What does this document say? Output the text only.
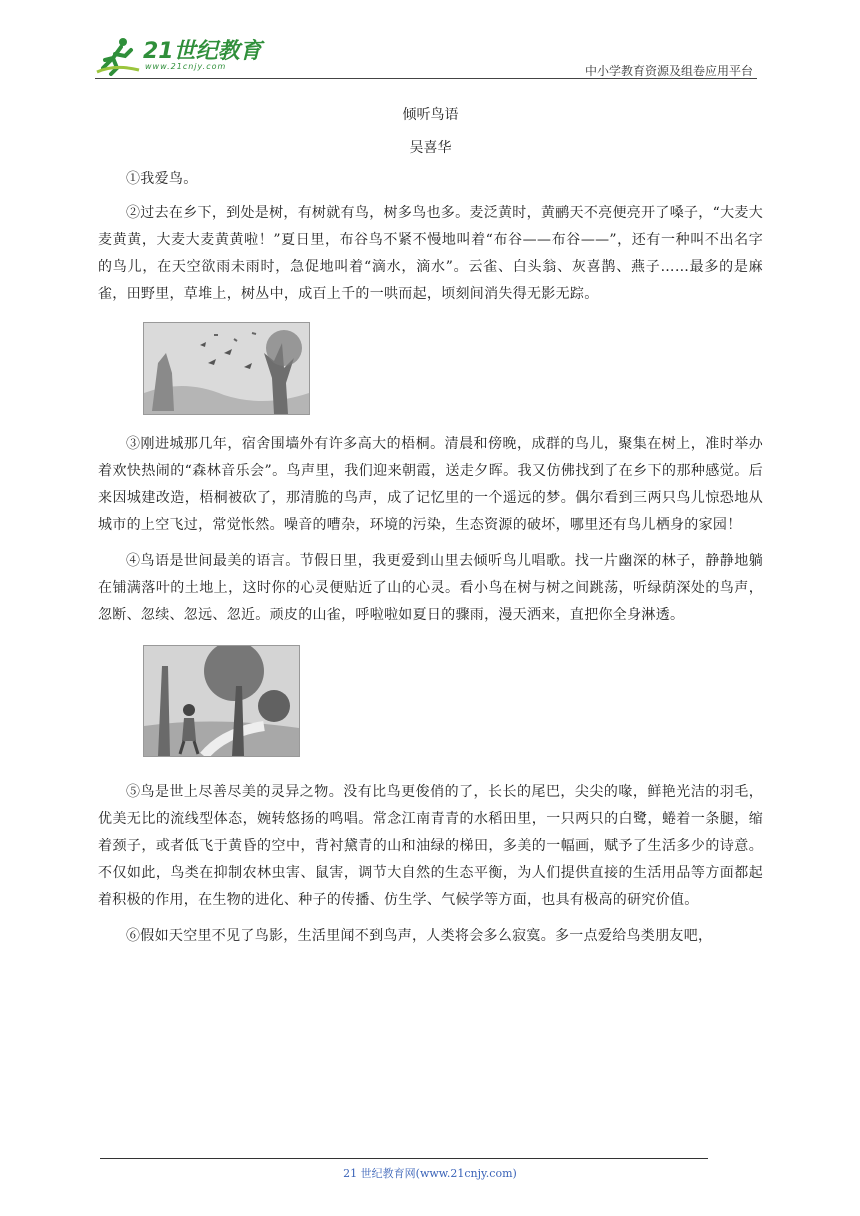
21世纪教育
www.21cnjy.com	中小学教育资源及组卷应用平台

倾听鸟语

吴喜华

①我爱鸟。

②过去在乡下，到处是树，有树就有鸟，树多鸟也多。麦泛黄时，黄鹂天不亮便亮开了嗓子，“大麦大麦黄黄，大麦大麦黄黄啦！”夏日里，布谷鸟不紧不慢地叫着“布谷——布谷——”，还有一种叫不出名字的鸟儿，在天空欲雨未雨时，急促地叫着“滴水，滴水”。云雀、白头翁、灰喜鹊、燕子……最多的是麻雀，田野里，草堆上，树丛中，成百上千的一哄而起，顷刻间消失得无影无踪。

③刚进城那几年，宿舍围墙外有许多高大的梧桐。清晨和傍晚，成群的鸟儿，聚集在树上，准时举办着欢快热闹的“森林音乐会”。鸟声里，我们迎来朝霞，送走夕晖。我又仿佛找到了在乡下的那种感觉。后来因城建改造，梧桐被砍了，那清脆的鸟声，成了记忆里的一个遥远的梦。偶尔看到三两只鸟儿惊恐地从城市的上空飞过，常觉怅然。噪音的嘈杂，环境的污染，生态资源的破坏，哪里还有鸟儿栖身的家园！

④鸟语是世间最美的语言。节假日里，我更爱到山里去倾听鸟儿唱歌。找一片幽深的林子，静静地躺在铺满落叶的土地上，这时你的心灵便贴近了山的心灵。看小鸟在树与树之间跳荡，听绿荫深处的鸟声，忽断、忽续、忽远、忽近。顽皮的山雀，呼啦啦如夏日的骤雨，漫天洒来，直把你全身淋透。

⑤鸟是世上尽善尽美的灵异之物。没有比鸟更俊俏的了，长长的尾巴，尖尖的喙，鲜艳光洁的羽毛，优美无比的流线型体态，婉转悠扬的鸣唱。常念江南青青的水稻田里，一只两只的白鹭，蜷着一条腿，缩着颈子，或者低飞于黄昏的空中，背衬黛青的山和油绿的梯田，多美的一幅画，赋予了生活多少的诗意。不仅如此，鸟类在抑制农林虫害、鼠害，调节大自然的生态平衡，为人们提供直接的生活用品等方面都起着积极的作用，在生物的进化、种子的传播、仿生学、气候学等方面，也具有极高的研究价值。

⑥假如天空里不见了鸟影，生活里闻不到鸟声，人类将会多么寂寞。多一点爱给鸟类朋友吧，

21 世纪教育网(www.21cnjy.com)
